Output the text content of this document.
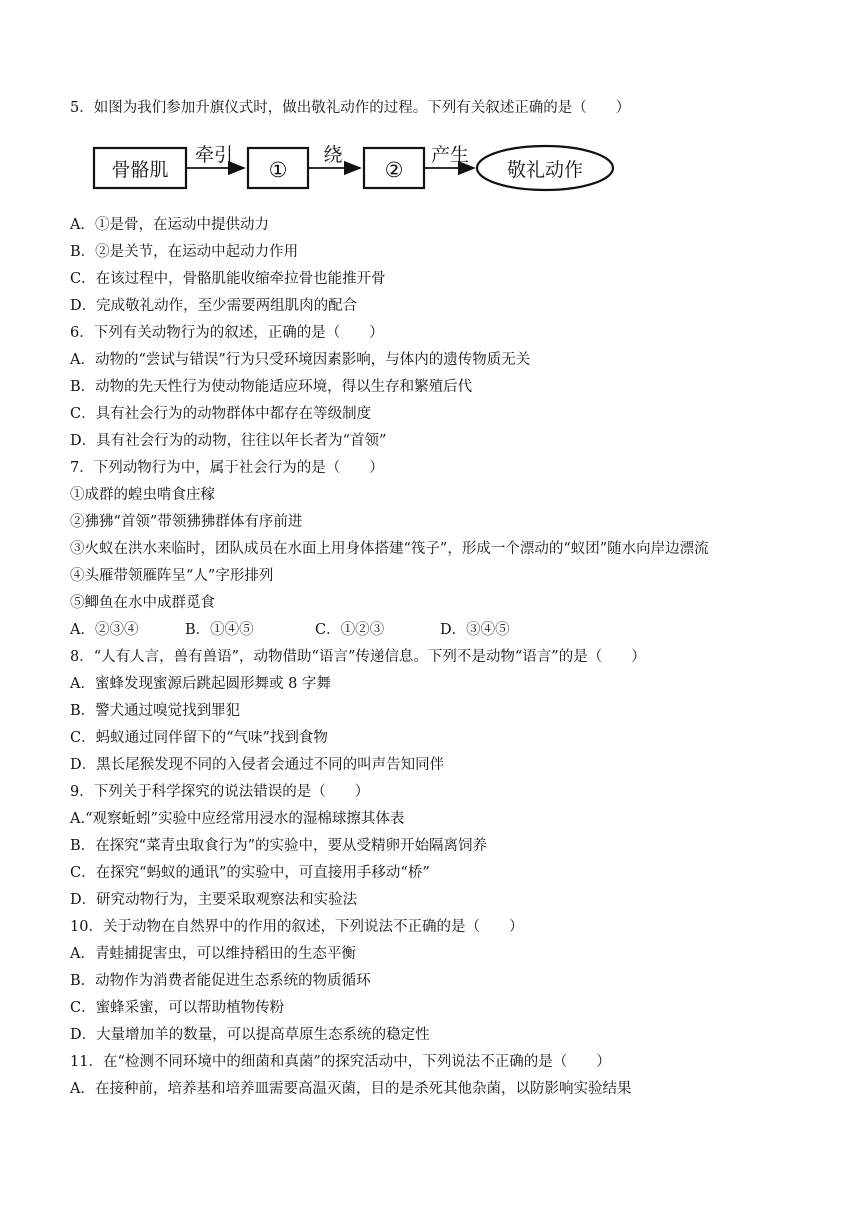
5．如图为我们参加升旗仪式时，做出敬礼动作的过程。下列有关叙述正确的是（　　）
骨骼肌
牵引
①
绕
②
产生
敬礼动作
A．①是骨，在运动中提供动力
B．②是关节，在运动中起动力作用
C．在该过程中，骨骼肌能收缩牵拉骨也能推开骨
D．完成敬礼动作，至少需要两组肌肉的配合
6．下列有关动物行为的叙述，正确的是（　　）
A．动物的“尝试与错误”行为只受环境因素影响，与体内的遗传物质无关
B．动物的先天性行为使动物能适应环境，得以生存和繁殖后代
C．具有社会行为的动物群体中都存在等级制度
D．具有社会行为的动物，往往以年长者为“首领”
7．下列动物行为中，属于社会行为的是（　　）
①成群的蝗虫啃食庄稼
②狒狒“首领”带领狒狒群体有序前进
③火蚁在洪水来临时，团队成员在水面上用身体搭建“筏子”，形成一个漂动的“蚁团”随水向岸边漂流
④头雁带领雁阵呈“人”字形排列
⑤鲫鱼在水中成群觅食
A．②③④	B．①④⑤	C．①②③	D．③④⑤
8．“人有人言，兽有兽语”，动物借助“语言”传递信息。下列不是动物“语言”的是（　　）
A．蜜蜂发现蜜源后跳起圆形舞或 8 字舞
B．警犬通过嗅觉找到罪犯
C．蚂蚁通过同伴留下的“气味”找到食物
D．黑长尾猴发现不同的入侵者会通过不同的叫声告知同伴
9．下列关于科学探究的说法错误的是（　　）
A.“观察蚯蚓”实验中应经常用浸水的湿棉球擦其体表
B．在探究“菜青虫取食行为”的实验中，要从受精卵开始隔离饲养
C．在探究“蚂蚁的通讯”的实验中，可直接用手移动“桥”
D．研究动物行为，主要采取观察法和实验法
10．关于动物在自然界中的作用的叙述，下列说法不正确的是（　　）
A．青蛙捕捉害虫，可以维持稻田的生态平衡
B．动物作为消费者能促进生态系统的物质循环
C．蜜蜂采蜜，可以帮助植物传粉
D．大量增加羊的数量，可以提高草原生态系统的稳定性
11．在“检测不同环境中的细菌和真菌”的探究活动中，下列说法不正确的是（　　）
A．在接种前，培养基和培养皿需要高温灭菌，目的是杀死其他杂菌，以防影响实验结果
